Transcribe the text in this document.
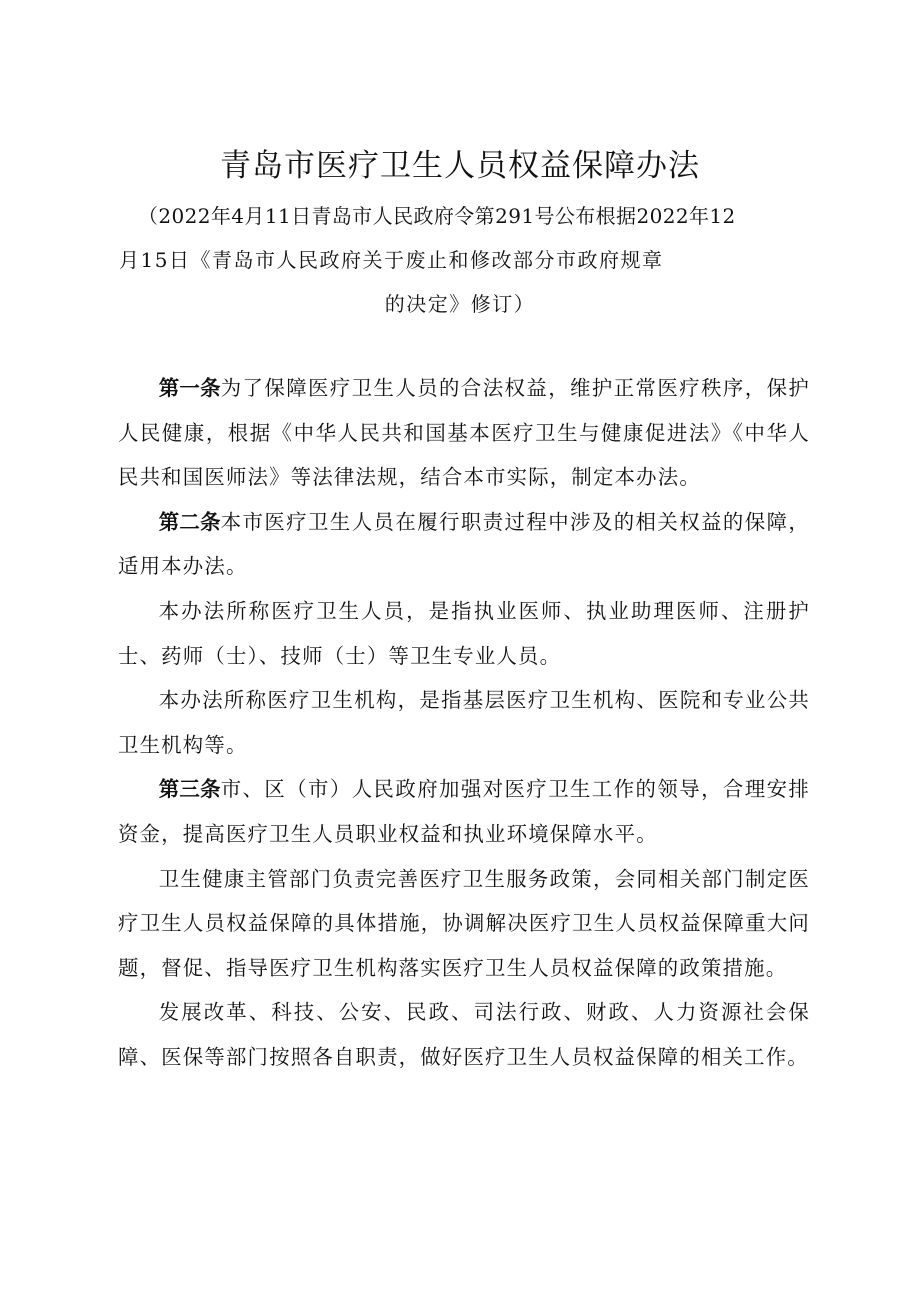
青岛市医疗卫生人员权益保障办法
（2022年4月11日青岛市人民政府令第291号公布根据2022年12
月15日《青岛市人民政府关于废止和修改部分市政府规章
的决定》修订）

第一条为了保障医疗卫生人员的合法权益，维护正常医疗秩序，保护人民健康，根据《中华人民共和国基本医疗卫生与健康促进法》《中华人民共和国医师法》等法律法规，结合本市实际，制定本办法。

第二条本市医疗卫生人员在履行职责过程中涉及的相关权益的保障，适用本办法。

本办法所称医疗卫生人员，是指执业医师、执业助理医师、注册护士、药师（士）、技师（士）等卫生专业人员。

本办法所称医疗卫生机构，是指基层医疗卫生机构、医院和专业公共卫生机构等。

第三条市、区（市）人民政府加强对医疗卫生工作的领导，合理安排资金，提高医疗卫生人员职业权益和执业环境保障水平。

卫生健康主管部门负责完善医疗卫生服务政策，会同相关部门制定医疗卫生人员权益保障的具体措施，协调解决医疗卫生人员权益保障重大问题，督促、指导医疗卫生机构落实医疗卫生人员权益保障的政策措施。

发展改革、科技、公安、民政、司法行政、财政、人力资源社会保障、医保等部门按照各自职责，做好医疗卫生人员权益保障的相关工作。
